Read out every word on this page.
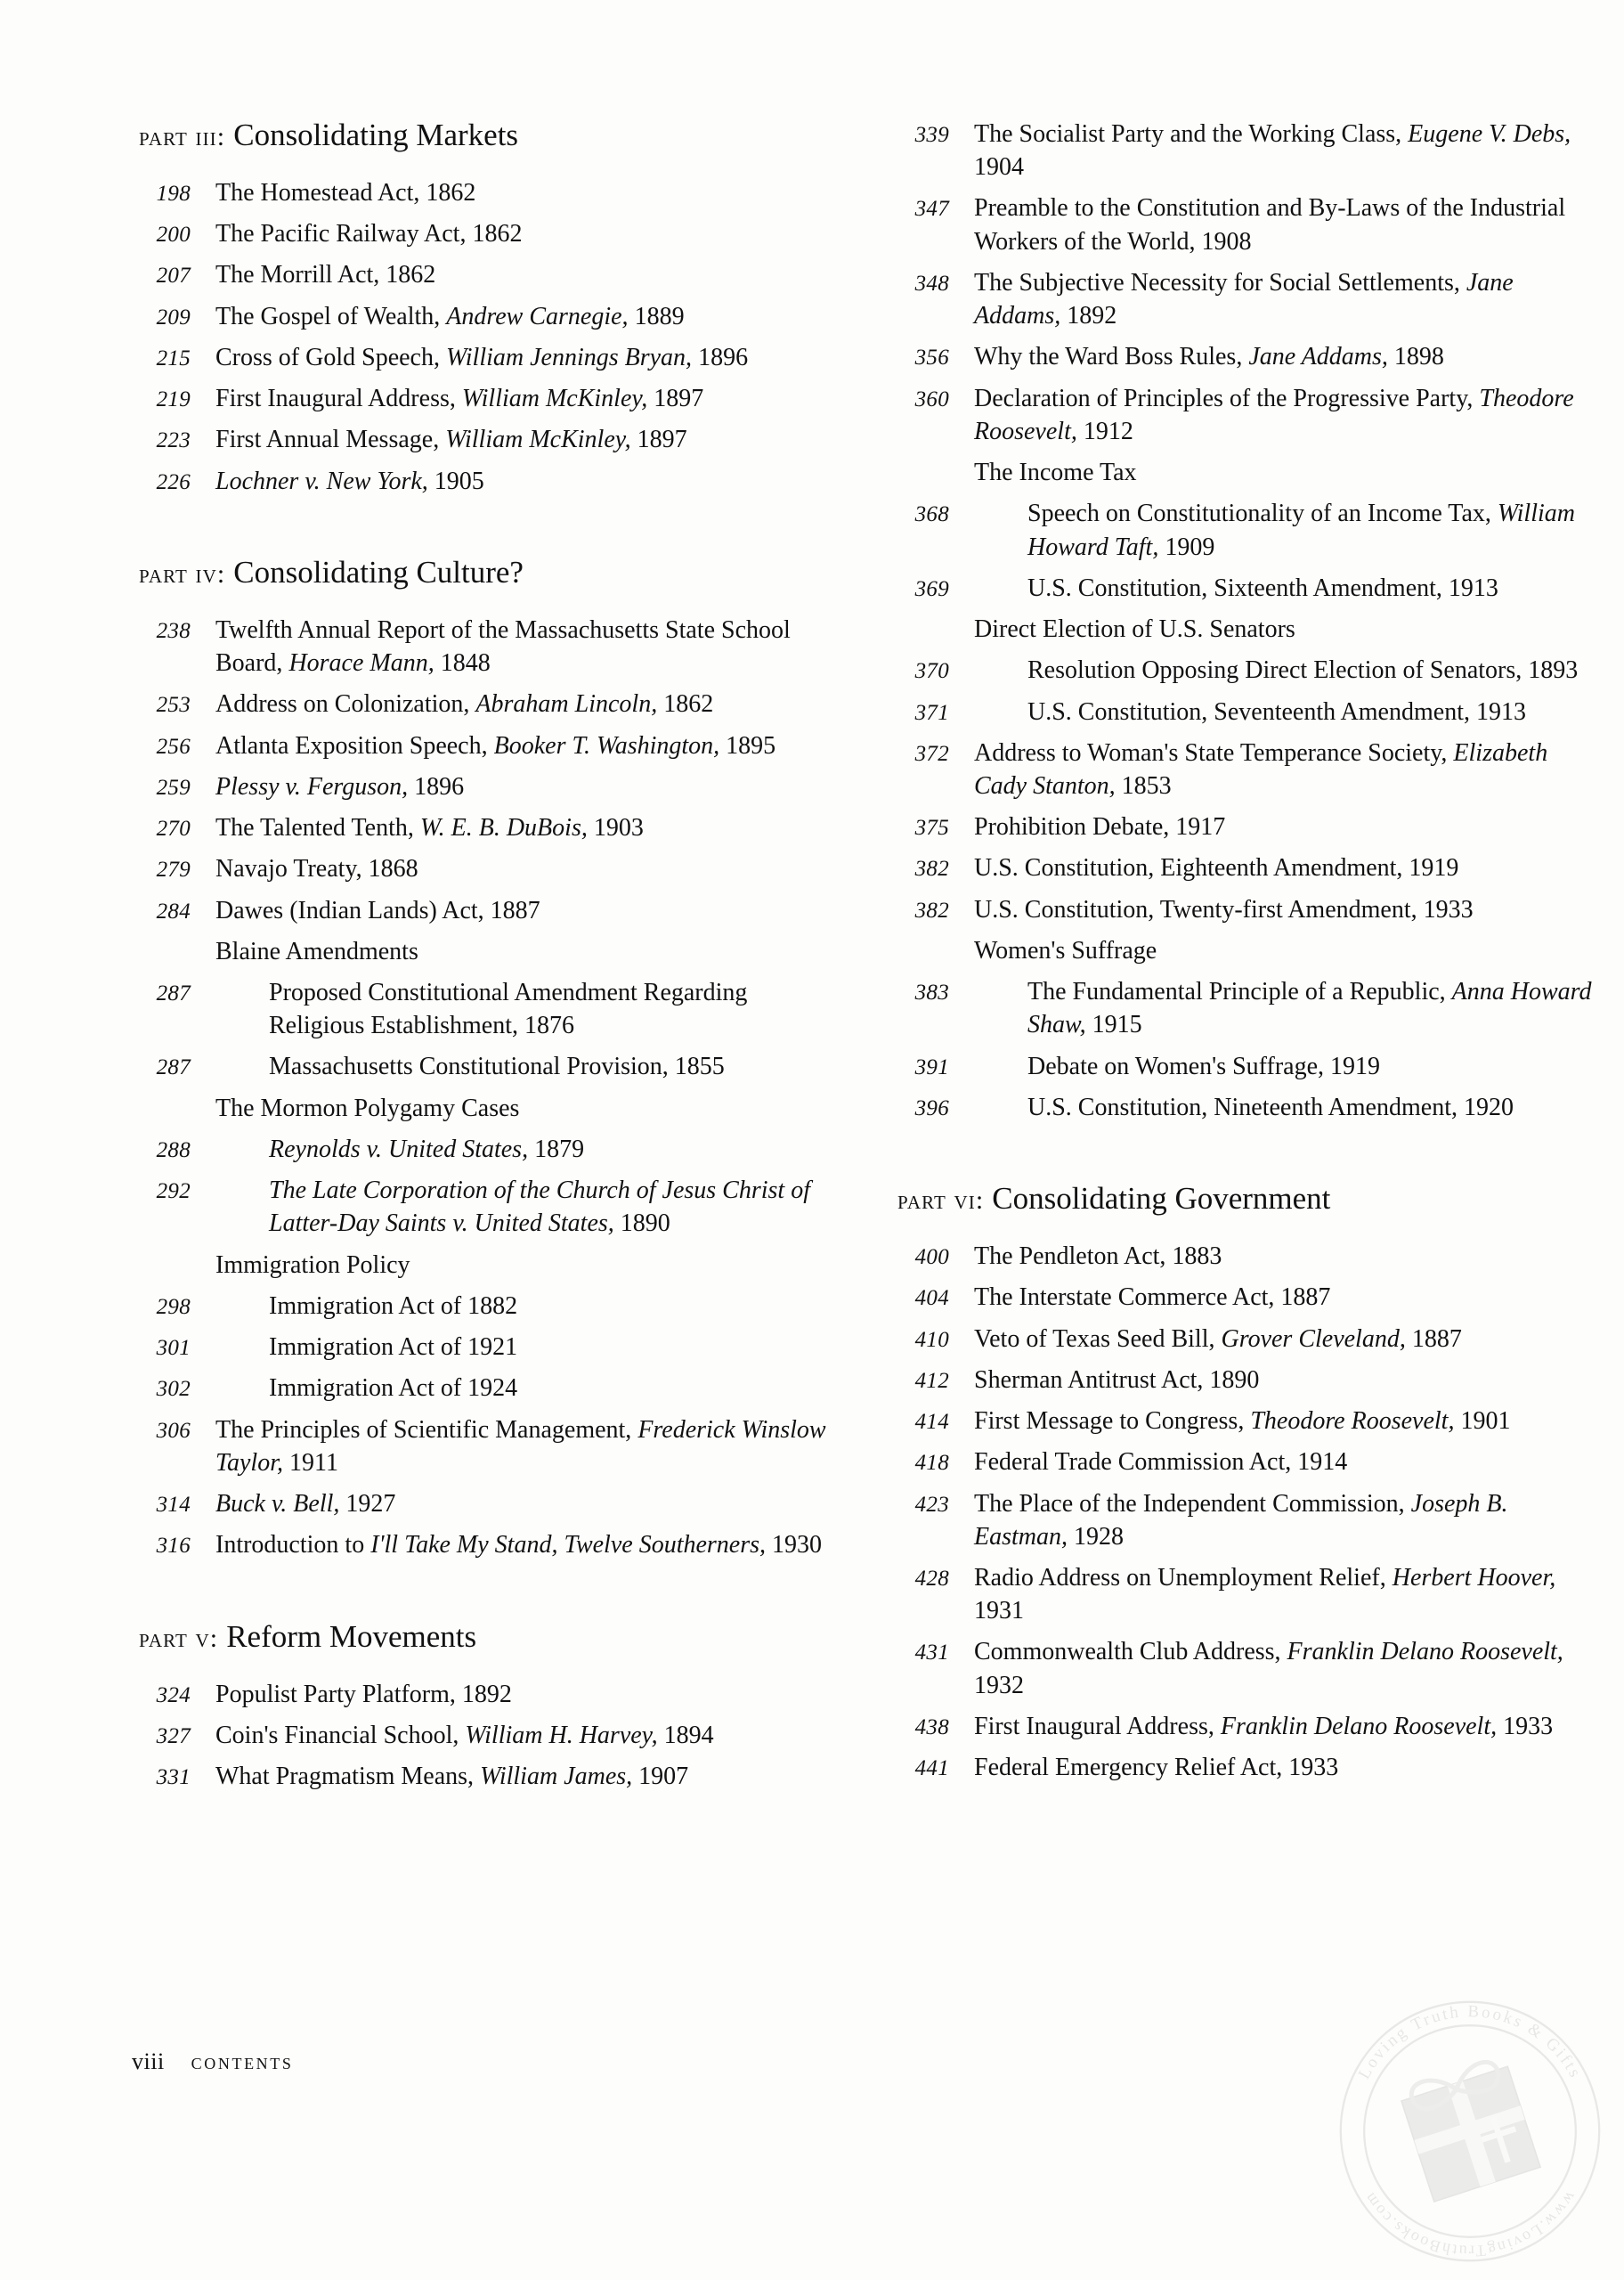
part iii: Consolidating Markets
198 The Homestead Act, 1862
200 The Pacific Railway Act, 1862
207 The Morrill Act, 1862
209 The Gospel of Wealth, Andrew Carnegie, 1889
215 Cross of Gold Speech, William Jennings Bryan, 1896
219 First Inaugural Address, William McKinley, 1897
223 First Annual Message, William McKinley, 1897
226 Lochner v. New York, 1905
part iv: Consolidating Culture?
238 Twelfth Annual Report of the Massachusetts State School Board, Horace Mann, 1848
253 Address on Colonization, Abraham Lincoln, 1862
256 Atlanta Exposition Speech, Booker T. Washington, 1895
259 Plessy v. Ferguson, 1896
270 The Talented Tenth, W. E. B. DuBois, 1903
279 Navajo Treaty, 1868
284 Dawes (Indian Lands) Act, 1887
Blaine Amendments
287	Proposed Constitutional Amendment Regarding Religious Establishment, 1876
287	Massachusetts Constitutional Provision, 1855
The Mormon Polygamy Cases
288	Reynolds v. United States, 1879
292	The Late Corporation of the Church of Jesus Christ of Latter-Day Saints v. United States, 1890
Immigration Policy
298	Immigration Act of 1882
301	Immigration Act of 1921
302	Immigration Act of 1924
306 The Principles of Scientific Management, Frederick Winslow Taylor, 1911
314 Buck v. Bell, 1927
316 Introduction to I'll Take My Stand, Twelve Southerners, 1930
part v: Reform Movements
324 Populist Party Platform, 1892
327 Coin's Financial School, William H. Harvey, 1894
331 What Pragmatism Means, William James, 1907
339 The Socialist Party and the Working Class, Eugene V. Debs, 1904
347 Preamble to the Constitution and By-Laws of the Industrial Workers of the World, 1908
348 The Subjective Necessity for Social Settlements, Jane Addams, 1892
356 Why the Ward Boss Rules, Jane Addams, 1898
360 Declaration of Principles of the Progressive Party, Theodore Roosevelt, 1912
The Income Tax
368	Speech on Constitutionality of an Income Tax, William Howard Taft, 1909
369	U.S. Constitution, Sixteenth Amendment, 1913
Direct Election of U.S. Senators
370	Resolution Opposing Direct Election of Senators, 1893
371	U.S. Constitution, Seventeenth Amendment, 1913
372 Address to Woman's State Temperance Society, Elizabeth Cady Stanton, 1853
375 Prohibition Debate, 1917
382 U.S. Constitution, Eighteenth Amendment, 1919
382 U.S. Constitution, Twenty-first Amendment, 1933
Women's Suffrage
383	The Fundamental Principle of a Republic, Anna Howard Shaw, 1915
391	Debate on Women's Suffrage, 1919
396	U.S. Constitution, Nineteenth Amendment, 1920
part vi: Consolidating Government
400 The Pendleton Act, 1883
404 The Interstate Commerce Act, 1887
410 Veto of Texas Seed Bill, Grover Cleveland, 1887
412 Sherman Antitrust Act, 1890
414 First Message to Congress, Theodore Roosevelt, 1901
418 Federal Trade Commission Act, 1914
423 The Place of the Independent Commission, Joseph B. Eastman, 1928
428 Radio Address on Unemployment Relief, Herbert Hoover, 1931
431 Commonwealth Club Address, Franklin Delano Roosevelt, 1932
438 First Inaugural Address, Franklin Delano Roosevelt, 1933
441 Federal Emergency Relief Act, 1933
viii contents	Loving Truth Books & Gifts
www.LovingTruthBooks.com
